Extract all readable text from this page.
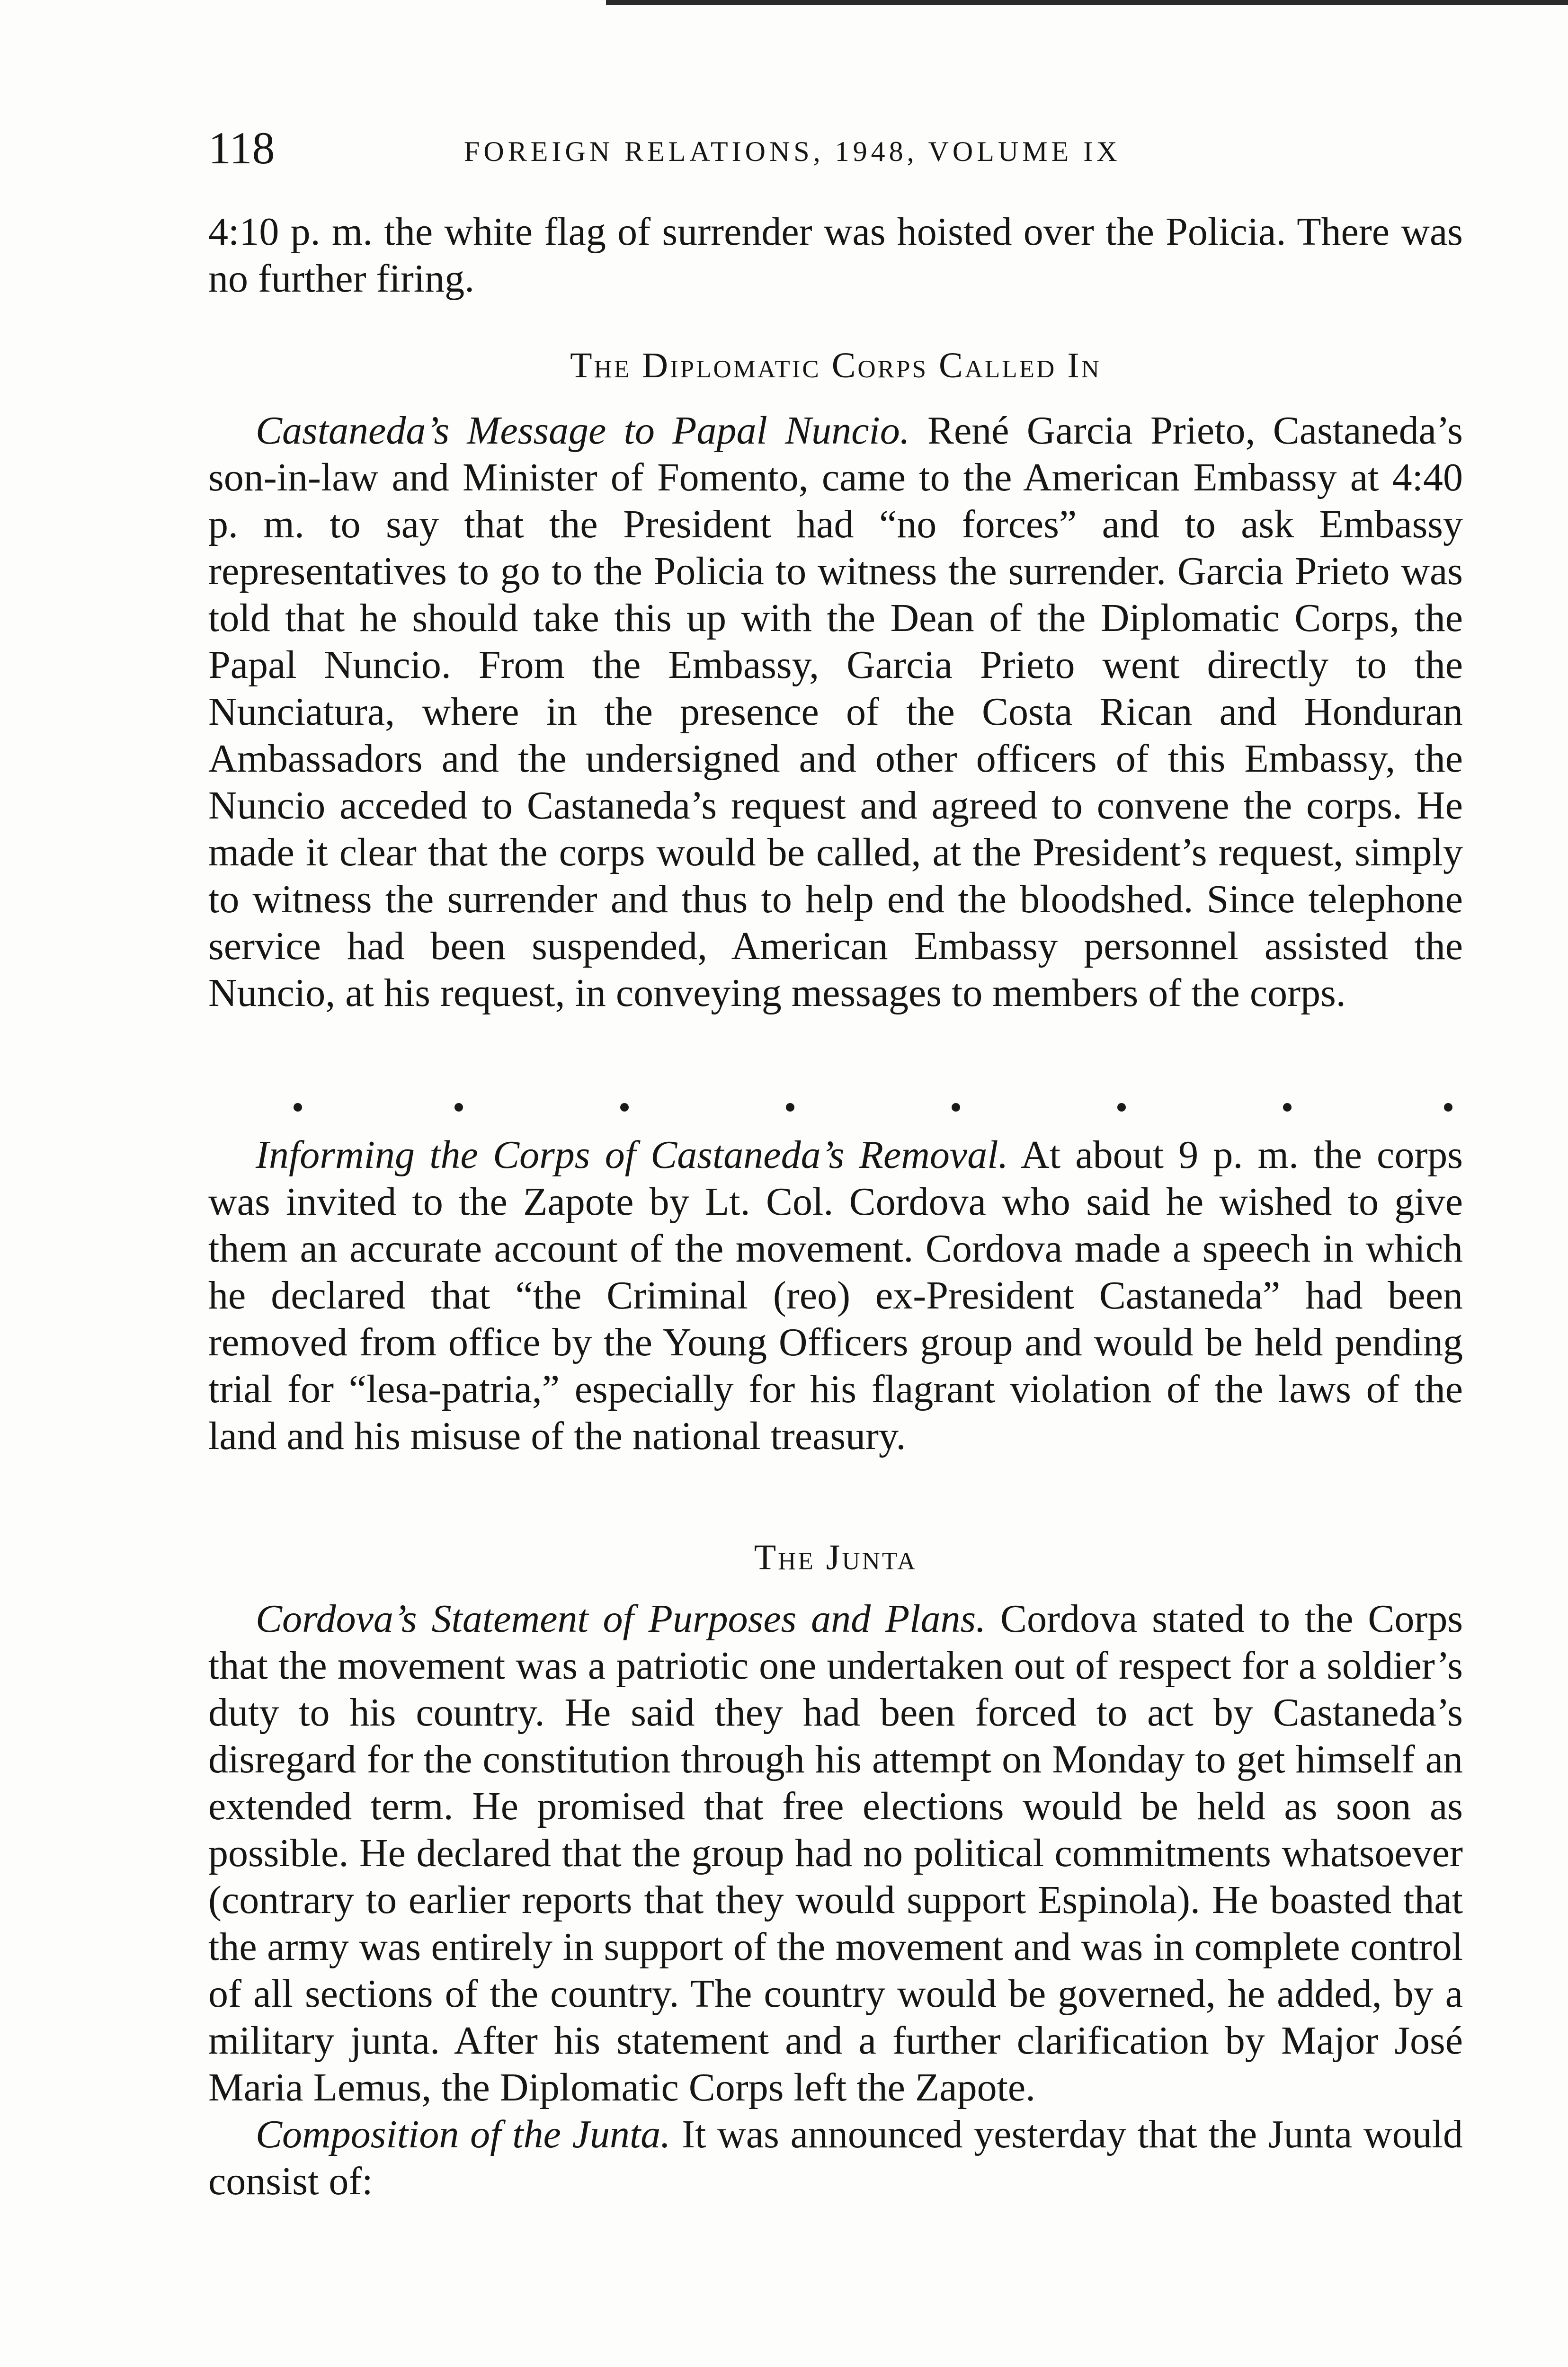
118	FOREIGN RELATIONS, 1948, VOLUME IX

4:10 p. m. the white flag of surrender was hoisted over the Policia. There was no further firing.

The Diplomatic Corps Called In

Castaneda’s Message to Papal Nuncio. René Garcia Prieto, Castaneda’s son-in-law and Minister of Fomento, came to the American Embassy at 4:40 p. m. to say that the President had “no forces” and to ask Embassy representatives to go to the Policia to witness the surrender. Garcia Prieto was told that he should take this up with the Dean of the Diplomatic Corps, the Papal Nuncio. From the Embassy, Garcia Prieto went directly to the Nunciatura, where in the presence of the Costa Rican and Honduran Ambassadors and the undersigned and other officers of this Embassy, the Nuncio acceded to Castaneda’s request and agreed to convene the corps. He made it clear that the corps would be called, at the President’s request, simply to witness the surrender and thus to help end the bloodshed. Since telephone service had been suspended, American Embassy personnel assisted the Nuncio, at his request, in conveying messages to members of the corps.

Informing the Corps of Castaneda’s Removal. At about 9 p. m. the corps was invited to the Zapote by Lt. Col. Cordova who said he wished to give them an accurate account of the movement. Cordova made a speech in which he declared that “the Criminal (reo) ex-President Castaneda” had been removed from office by the Young Officers group and would be held pending trial for “lesa-patria,” especially for his flagrant violation of the laws of the land and his misuse of the national treasury.

The Junta

Cordova’s Statement of Purposes and Plans. Cordova stated to the Corps that the movement was a patriotic one undertaken out of respect for a soldier’s duty to his country. He said they had been forced to act by Castaneda’s disregard for the constitution through his attempt on Monday to get himself an extended term. He promised that free elections would be held as soon as possible. He declared that the group had no political commitments whatsoever (contrary to earlier reports that they would support Espinola). He boasted that the army was entirely in support of the movement and was in complete control of all sections of the country. The country would be governed, he added, by a military junta. After his statement and a further clarification by Major José Maria Lemus, the Diplomatic Corps left the Zapote.

Composition of the Junta. It was announced yesterday that the Junta would consist of:
